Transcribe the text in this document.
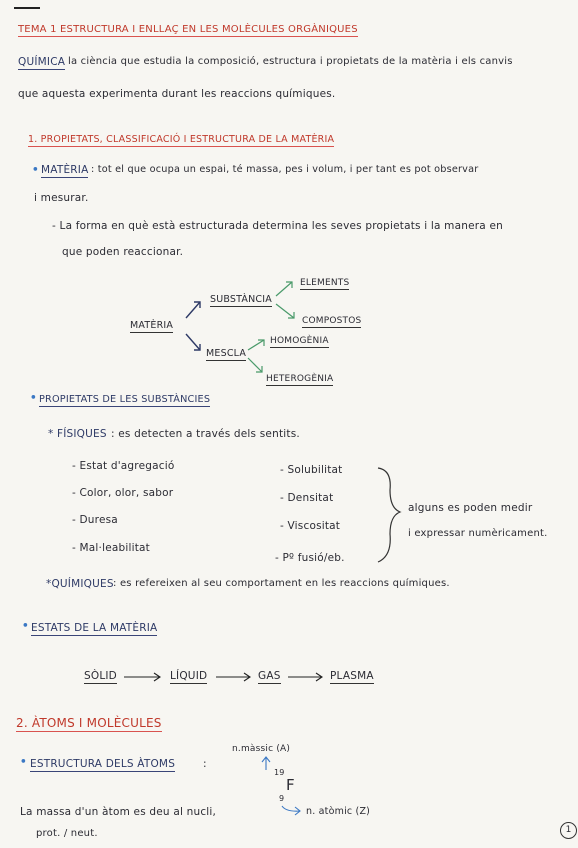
TEMA 1 ESTRUCTURA I ENLLAÇ EN LES MOLÈCULES ORGÀNIQUES
QUÍMICA la ciència que estudia la composició, estructura i propietats de la matèria i els canvis
que aquesta experimenta durant les reaccions químiques.
1. PROPIETATS, CLASSIFICACIÓ I ESTRUCTURA DE LA MATÈRIA
• MATÈRIA : tot el que ocupa un espai, té massa, pes i volum, i per tant es pot observar
i mesurar.
- La forma en què està estructurada determina les seves propietats i la manera en
que poden reaccionar.
MATÈRIA
SUBSTÀNCIA
MESCLA
ELEMENTS
COMPOSTOS
HOMOGÈNIA
HETEROGÈNIA
• PROPIETATS DE LES SUBSTÀNCIES
* FÍSIQUES : es detecten a través dels sentits.
- Estat d'agregació
- Color, olor, sabor
- Duresa
- Mal·leabilitat
- Solubilitat
- Densitat
- Viscositat
- Pº fusió/eb.
alguns es poden medir
i expressar numèricament.
*QUÍMIQUES : es refereixen al seu comportament en les reaccions químiques.
• ESTATS DE LA MATÈRIA
SÒLID	LÍQUID	GAS	PLASMA
2. ÀTOMS I MOLÈCULES
• ESTRUCTURA DELS ÀTOMS	:
n.màssic (A)
19
F
9
n. atòmic (Z)
La massa d'un àtom es deu al nucli,
prot. / neut.	1
